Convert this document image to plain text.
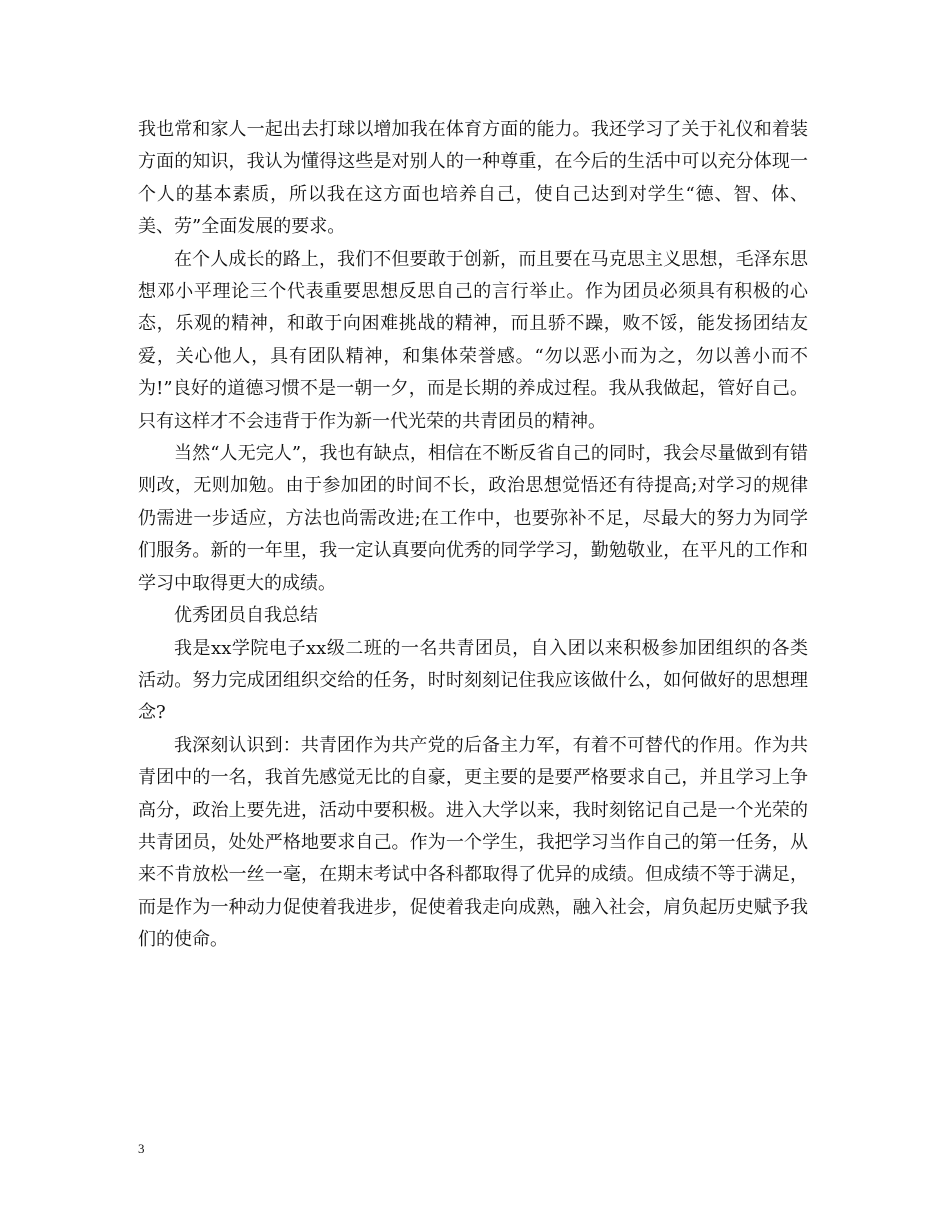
我也常和家人一起出去打球以增加我在体育方面的能力。我还学习了关于礼仪和着装方面的知识，我认为懂得这些是对别人的一种尊重，在今后的生活中可以充分体现一个人的基本素质，所以我在这方面也培养自己，使自己达到对学生“德、智、体、美、劳”全面发展的要求。

在个人成长的路上，我们不但要敢于创新，而且要在马克思主义思想，毛泽东思想邓小平理论三个代表重要思想反思自己的言行举止。作为团员必须具有积极的心态，乐观的精神，和敢于向困难挑战的精神，而且骄不躁，败不馁，能发扬团结友爱，关心他人，具有团队精神，和集体荣誉感。“勿以恶小而为之，勿以善小而不为!”良好的道德习惯不是一朝一夕，而是长期的养成过程。我从我做起，管好自己。只有这样才不会违背于作为新一代光荣的共青团员的精神。

当然“人无完人”，我也有缺点，相信在不断反省自己的同时，我会尽量做到有错则改，无则加勉。由于参加团的时间不长，政治思想觉悟还有待提高;对学习的规律仍需进一步适应，方法也尚需改进;在工作中，也要弥补不足，尽最大的努力为同学们服务。新的一年里，我一定认真要向优秀的同学学习，勤勉敬业，在平凡的工作和学习中取得更大的成绩。

优秀团员自我总结

我是xx学院电子xx级二班的一名共青团员，自入团以来积极参加团组织的各类活动。努力完成团组织交给的任务，时时刻刻记住我应该做什么，如何做好的思想理念?

我深刻认识到：共青团作为共产党的后备主力军，有着不可替代的作用。作为共青团中的一名，我首先感觉无比的自豪，更主要的是要严格要求自己，并且学习上争高分，政治上要先进，活动中要积极。进入大学以来，我时刻铭记自己是一个光荣的共青团员，处处严格地要求自己。作为一个学生，我把学习当作自己的第一任务，从来不肯放松一丝一毫，在期末考试中各科都取得了优异的成绩。但成绩不等于满足，而是作为一种动力促使着我进步，促使着我走向成熟，融入社会，肩负起历史赋予我们的使命。

3
